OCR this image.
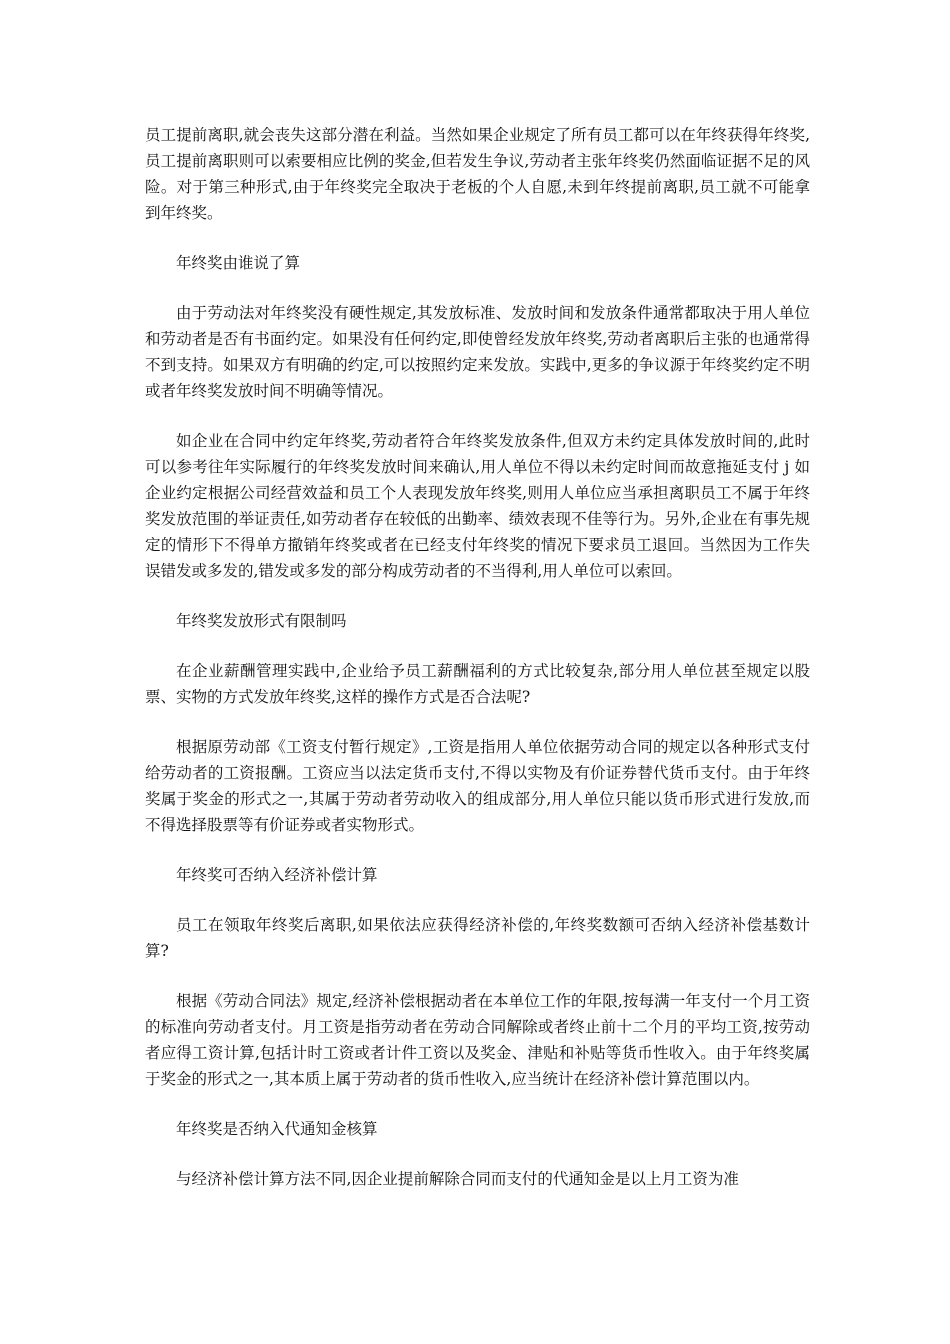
员工提前离职,就会丧失这部分潜在利益。当然如果企业规定了所有员工都可以在年终获得年终奖,员工提前离职则可以索要相应比例的奖金,但若发生争议,劳动者主张年终奖仍然面临证据不足的风险。对于第三种形式,由于年终奖完全取决于老板的个人自愿,未到年终提前离职,员工就不可能拿到年终奖。

年终奖由谁说了算

由于劳动法对年终奖没有硬性规定,其发放标准、发放时间和发放条件通常都取决于用人单位和劳动者是否有书面约定。如果没有任何约定,即使曾经发放年终奖,劳动者离职后主张的也通常得不到支持。如果双方有明确的约定,可以按照约定来发放。实践中,更多的争议源于年终奖约定不明或者年终奖发放时间不明确等情况。

如企业在合同中约定年终奖,劳动者符合年终奖发放条件,但双方未约定具体发放时间的,此时可以参考往年实际履行的年终奖发放时间来确认,用人单位不得以未约定时间而故意拖延支付 j 如企业约定根据公司经营效益和员工个人表现发放年终奖,则用人单位应当承担离职员工不属于年终奖发放范围的举证责任,如劳动者存在较低的出勤率、绩效表现不佳等行为。另外,企业在有事先规定的情形下不得单方撤销年终奖或者在已经支付年终奖的情况下要求员工退回。当然因为工作失误错发或多发的,错发或多发的部分构成劳动者的不当得利,用人单位可以索回。

年终奖发放形式有限制吗

在企业薪酬管理实践中,企业给予员工薪酬福利的方式比较复杂,部分用人单位甚至规定以股票、实物的方式发放年终奖,这样的操作方式是否合法呢?

根据原劳动部《工资支付暂行规定》,工资是指用人单位依据劳动合同的规定以各种形式支付给劳动者的工资报酬。工资应当以法定货币支付,不得以实物及有价证券替代货币支付。由于年终奖属于奖金的形式之一,其属于劳动者劳动收入的组成部分,用人单位只能以货币形式进行发放,而不得选择股票等有价证券或者实物形式。

年终奖可否纳入经济补偿计算

员工在领取年终奖后离职,如果依法应获得经济补偿的,年终奖数额可否纳入经济补偿基数计算?

根据《劳动合同法》规定,经济补偿根据动者在本单位工作的年限,按每满一年支付一个月工资的标准向劳动者支付。月工资是指劳动者在劳动合同解除或者终止前十二个月的平均工资,按劳动者应得工资计算,包括计时工资或者计件工资以及奖金、津贴和补贴等货币性收入。由于年终奖属于奖金的形式之一,其本质上属于劳动者的货币性收入,应当统计在经济补偿计算范围以内。

年终奖是否纳入代通知金核算

与经济补偿计算方法不同,因企业提前解除合同而支付的代通知金是以上月工资为准
